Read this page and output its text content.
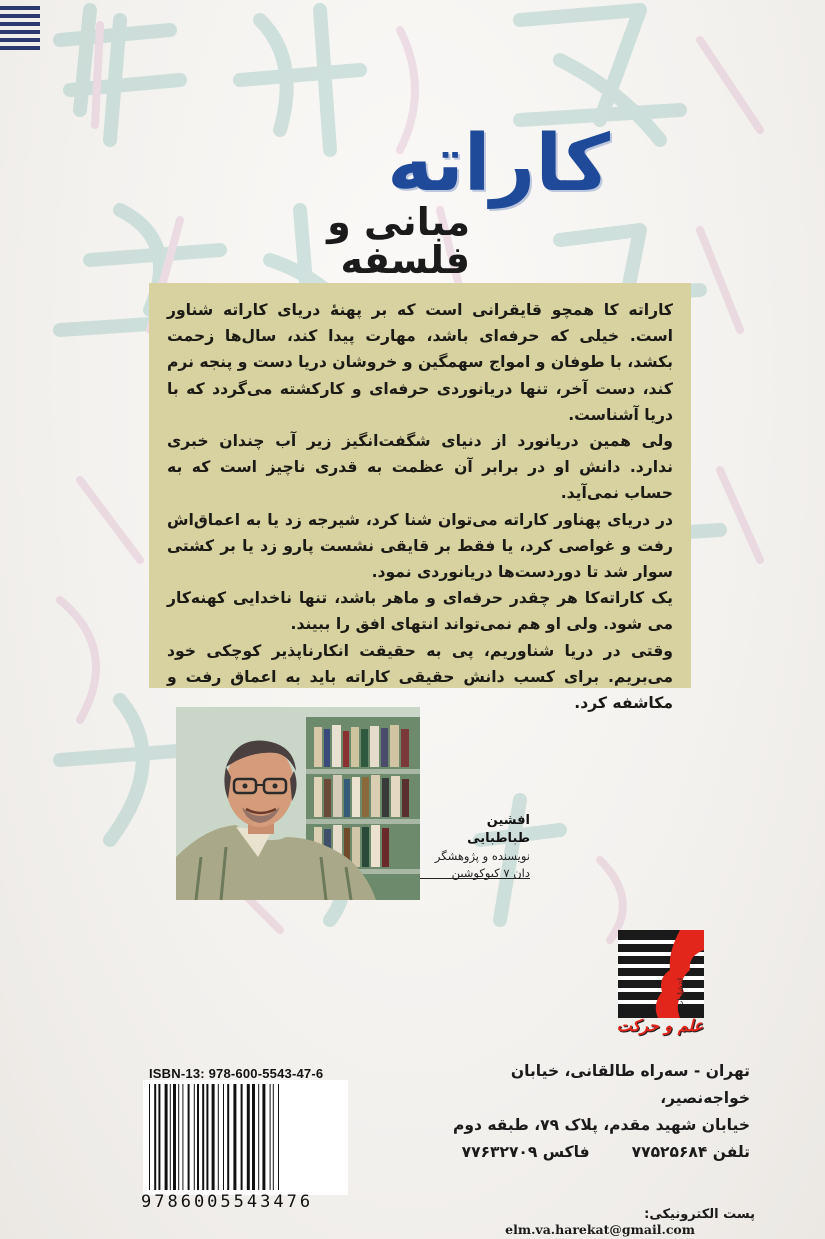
کاراته
مبانی و فلسفه

کاراته کا همچو قایقرانی است که بر پهنهٔ دریای کاراته شناور است. خیلی که حرفه‌ای باشد، مهارت پیدا کند، سال‌ها زحمت بکشد، با طوفان و امواج سهمگین و خروشان دریا دست و پنجه نرم کند، دست آخر، تنها دریانوردی حرفه‌ای و کارکشته می‌گردد که با دریا آشناست.

ولی همین دریانورد از دنیای شگفت‌انگیز زیر آب چندان خبری ندارد. دانش او در برابر آن عظمت به قدری ناچیز است که به حساب نمی‌آید.

در دریای پهناور کاراته می‌توان شنا کرد، شیرجه زد یا به اعماق‌اش رفت و غواصی کرد، یا فقط بر قایقی نشست پارو زد یا بر کشتی سوار شد تا دوردست‌ها دریانوردی نمود.

یک کاراته‌کا هر چقدر حرفه‌ای و ماهر باشد، تنها ناخدایی کهنه‌کار می شود. ولی او هم نمی‌تواند انتهای افق را ببیند.

وقتی در دریا شناوریم، پی به حقیقت انکارناپذیر کوچکی خود می‌بریم. برای کسب دانش حقیقی کاراته باید به اعماق رفت و مکاشفه کرد.

افشین طباطبایی
نویسنده و پژوهشگر
دان ۷ کیوکوشین
انتشارات
علم و حرکت
تهران - سه‌راه طالقانی، خیابان خواجه‌نصیر،
خیابان شهید مقدم، پلاک ۷۹، طبقه دوم
تلفن ۷۷۵۲۵۶۸۴فاکس ۷۷۶۳۲۷۰۹
پست الکترونیکی: elm.va.harekat@gmail.com
ISBN-13: 978-600-5543-47-6
9786005543476
